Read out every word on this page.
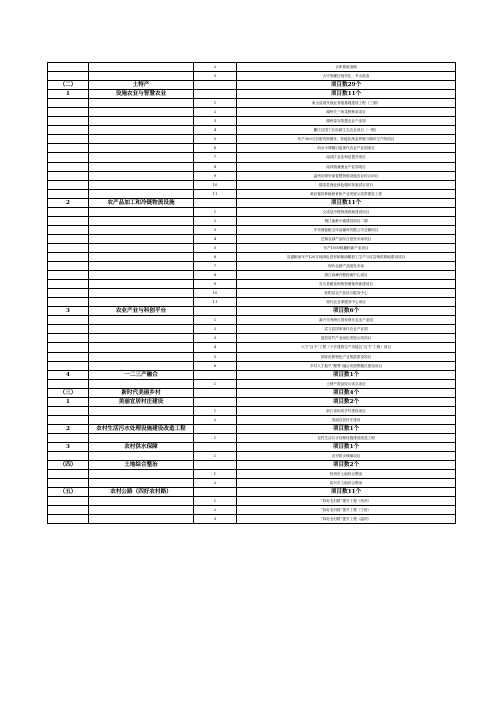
		2	水库系统治理
		3	大中型灌区现代化、节水改造
（二）	土特产		项目数29个
1	设施农业与智慧农业		项目数11个
		1	象山县现代渔业省级基地建设工程（三期）
		2	湖州长三角菜野种苗项目
		3	湖州春谷智慧农业产业园
		4	衢江区国丁红仙源生态农业项目（一期）
		5	年产300万羽蛋鸡规模化、智能化渔业养殖与循环生产线项目
		6	四水小城镇衍蓝现代农业产业园项目
		7	南浔区农业科技提升项目
		8	南浔渔溪渔业产业园项目
		9	温州坊街甲南智慧物联设施农业综合项目
		10	德清县渔业绿色循环发展试点项目
		11	黄岩蜜桔种植研育和产业发展示范带建设工程
2	农产品加工和冷链物流设施		项目数11个
		1	文成县冷链物流基地建设项目
		2	桐江渔都小镇建设项目二期
		3	中央储备粮玉环直属库有限公司仓储项目
		4	岳镇农副产品综合批发市场项目
		5	年产1000吨藕粉新产业项目
		6	宜通粮油年产120万吨绿色食材和粮油精加工生产与应急保供基地建设项目
		7	现代农副产品批发市场
		8	浙江高峰冷链物流中心项目
		9	安吉县粮食和物资储备库新建项目
		10	桂阳县农产品综合服务中心
		11	现代农业事服务中心项目
3	农业产业与科创平台		项目数6个
		1	嘉兴市秀洲区国家现代农业产业园
		2	武义县国家现代农业产业园
		3	遂昌县竹产业绿色发展示范项目
		4	六个“百千”工程（千乡建筑生产功能区“百千”工程）项目
		5	国家优势特色产业集群建设项目
		6	乡村人才振兴“聚贤”融合发展集聚区建设项目
4	一二三产融合		项目数1个
		1	土特产提品综合试点项目
（三）	新时代美丽乡村		项目数4个
1	美丽宜居村庄建设		项目数2个
		1	浙江省和美乡村建设项目
		2	美丽宜居村庄建设
2	农村生活污水处理设施建设改造工程		项目数1个
		1	农村生活污水处理设施建设改造工程
3	农村供水保障		项目数1个
		1	农村供水保障项目
（四）	土地综合整治		项目数2个
		1	杭州市土地综合整治
		2	绍兴市土地综合整治
（五）	农村公路（四好农村路）		项目数11个
		1	“四好农村路”提升工程（杭州）
		2	“四好农村路”提升工程（宁波）
		3	“四好农村路”提升工程（温州）
